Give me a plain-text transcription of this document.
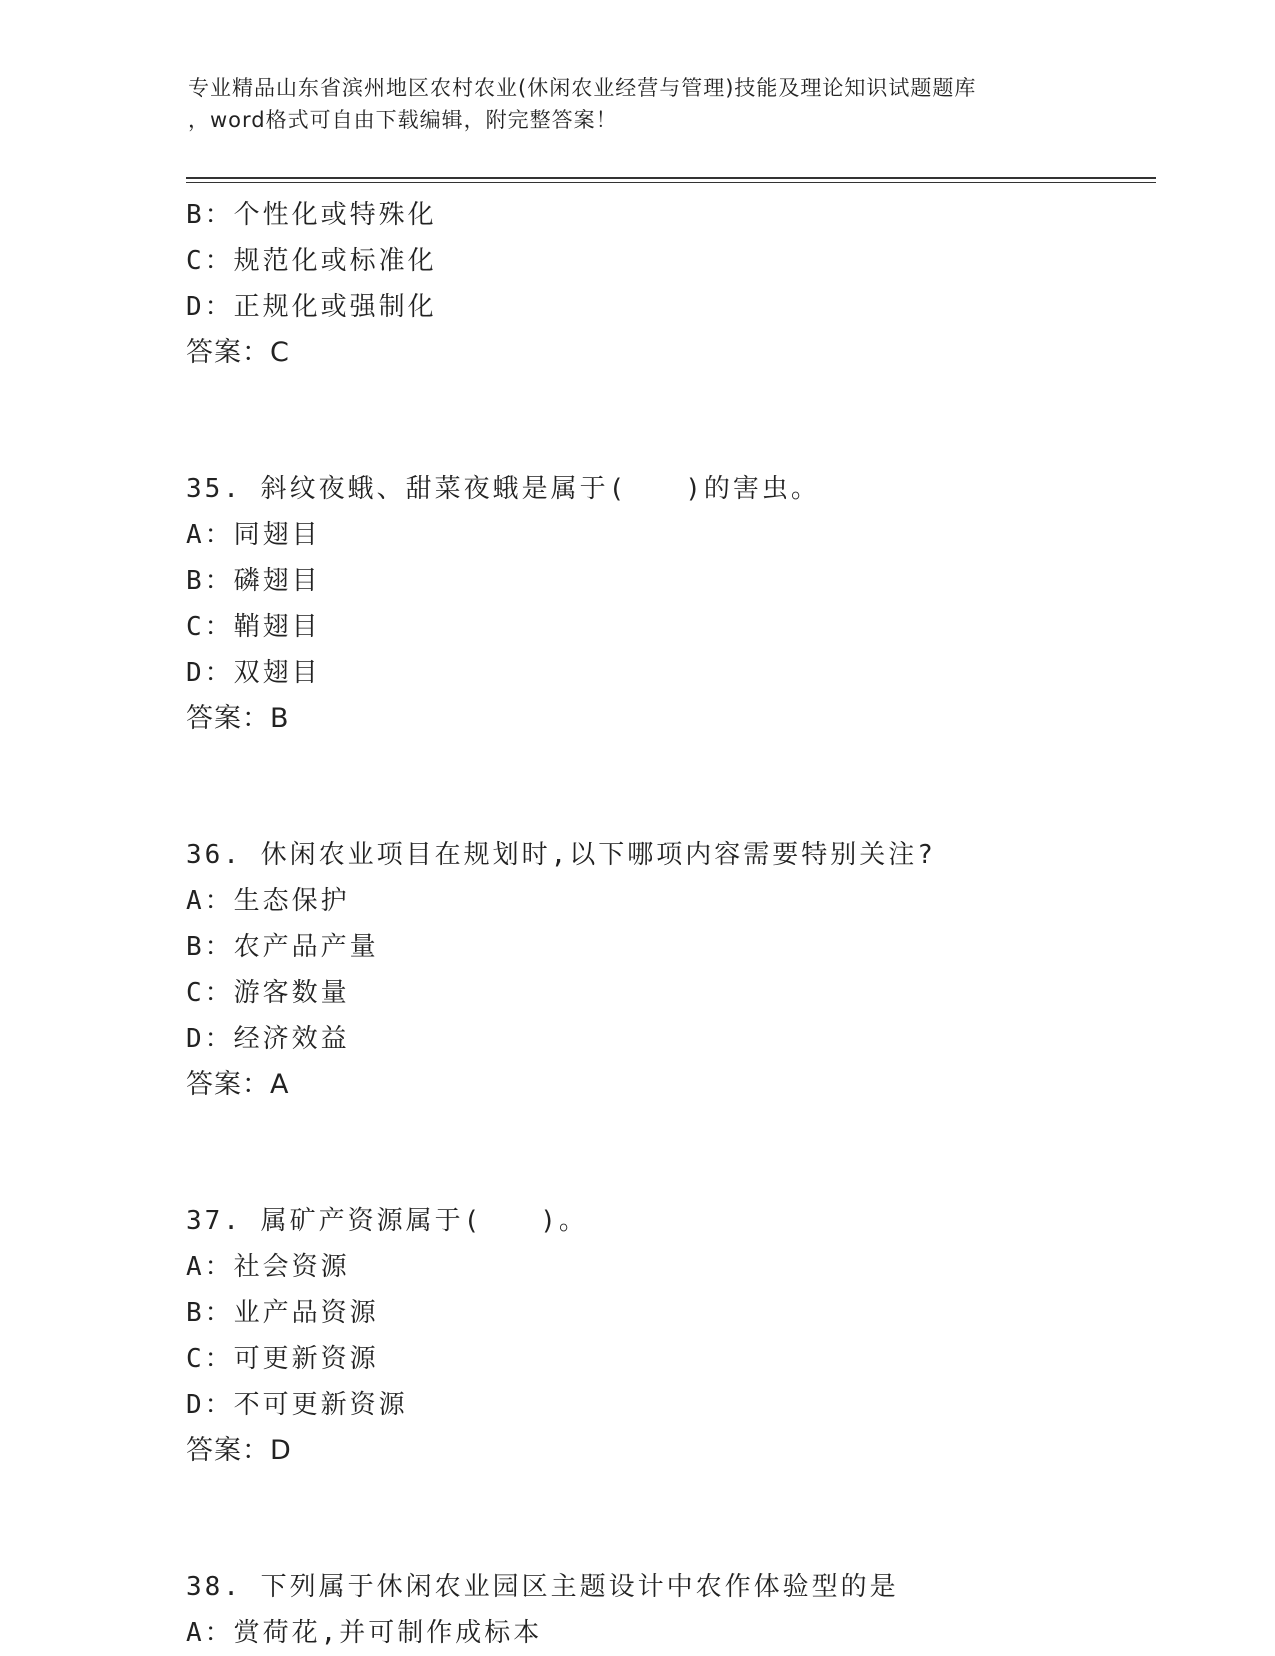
专业精品山东省滨州地区农村农业(休闲农业经营与管理)技能及理论知识试题题库
，word格式可自由下载编辑，附完整答案！
B：个性化或特殊化
C：规范化或标准化
D：正规化或强制化
答案：C
35. 斜纹夜蛾、甜菜夜蛾是属于(　　)的害虫。
A：同翅目
B：磷翅目
C：鞘翅目
D：双翅目
答案：B
36. 休闲农业项目在规划时,以下哪项内容需要特别关注?
A：生态保护
B：农产品产量
C：游客数量
D：经济效益
答案：A
37. 属矿产资源属于(　　)。
A：社会资源
B：业产品资源
C：可更新资源
D：不可更新资源
答案：D
38. 下列属于休闲农业园区主题设计中农作体验型的是
A：赏荷花,并可制作成标本
